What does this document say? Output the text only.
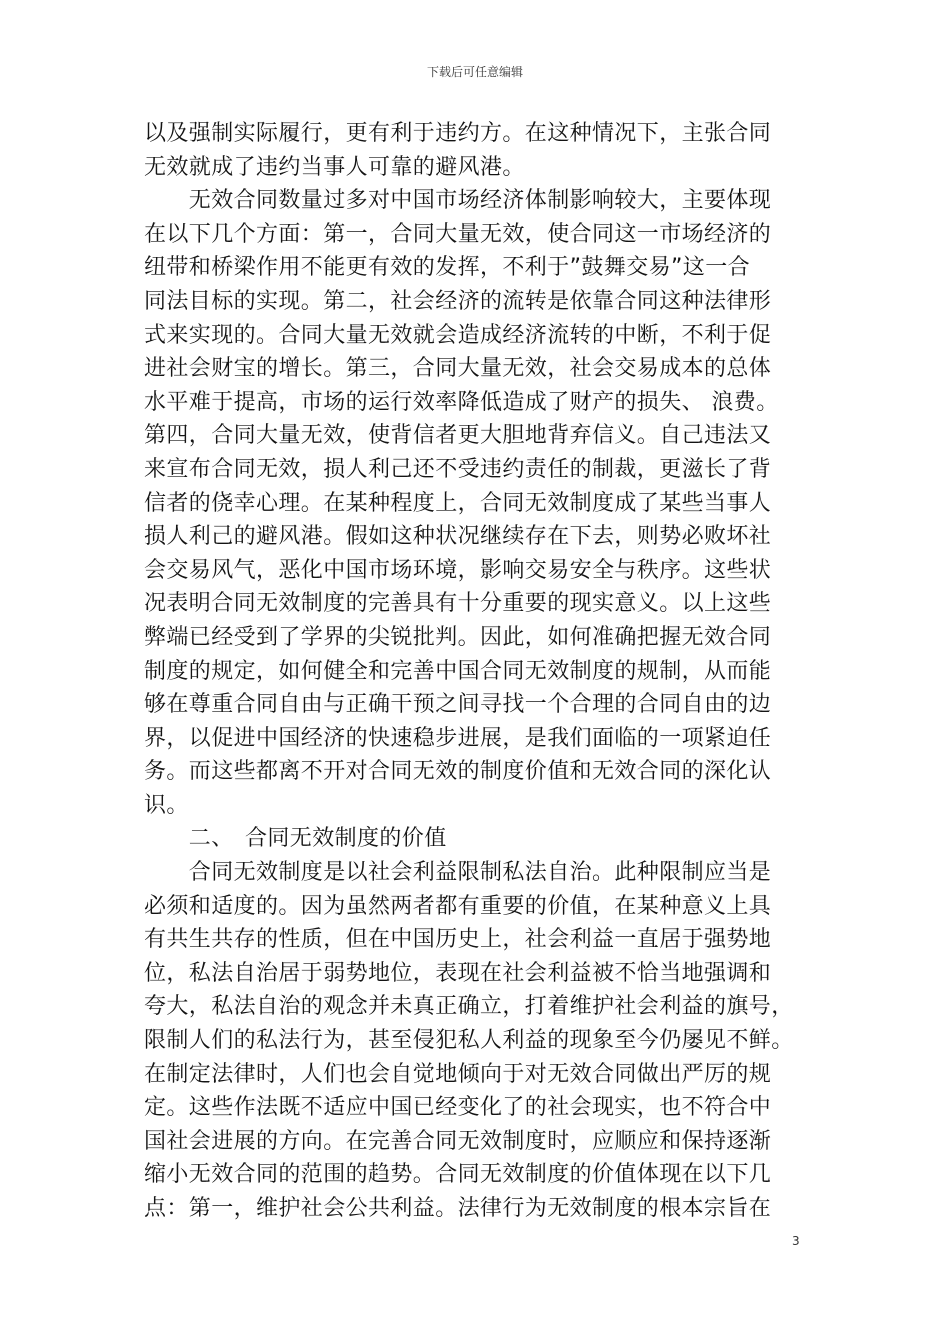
下载后可任意编辑
以及强制实际履行，更有利于违约方。在这种情况下，主张合同
无效就成了违约当事人可靠的避风港。
　　无效合同数量过多对中国市场经济体制影响较大，主要体现
在以下几个方面：第一，合同大量无效，使合同这一市场经济的
纽带和桥梁作用不能更有效的发挥，不利于”鼓舞交易”这一合
同法目标的实现。第二，社会经济的流转是依靠合同这种法律形
式来实现的。合同大量无效就会造成经济流转的中断，不利于促
进社会财宝的增长。第三，合同大量无效，社会交易成本的总体
水平难于提高，市场的运行效率降低造成了财产的损失、 浪费。
第四，合同大量无效，使背信者更大胆地背弃信义。自己违法又
来宣布合同无效，损人利己还不受违约责任的制裁，更滋长了背
信者的侥幸心理。在某种程度上，合同无效制度成了某些当事人
损人利己的避风港。假如这种状况继续存在下去，则势必败坏社
会交易风气，恶化中国市场环境，影响交易安全与秩序。这些状
况表明合同无效制度的完善具有十分重要的现实意义。以上这些
弊端已经受到了学界的尖锐批判。因此，如何准确把握无效合同
制度的规定，如何健全和完善中国合同无效制度的规制，从而能
够在尊重合同自由与正确干预之间寻找一个合理的合同自由的边
界，以促进中国经济的快速稳步进展，是我们面临的一项紧迫任
务。而这些都离不开对合同无效的制度价值和无效合同的深化认
识。
　　二、　合同无效制度的价值
　　合同无效制度是以社会利益限制私法自治。此种限制应当是
必须和适度的。因为虽然两者都有重要的价值，在某种意义上具
有共生共存的性质，但在中国历史上，社会利益一直居于强势地
位，私法自治居于弱势地位，表现在社会利益被不恰当地强调和
夸大，私法自治的观念并未真正确立，打着维护社会利益的旗号，
限制人们的私法行为，甚至侵犯私人利益的现象至今仍屡见不鲜。
在制定法律时，人们也会自觉地倾向于对无效合同做出严厉的规
定。这些作法既不适应中国已经变化了的社会现实，也不符合中
国社会进展的方向。在完善合同无效制度时，应顺应和保持逐渐
缩小无效合同的范围的趋势。合同无效制度的价值体现在以下几
点：第一，维护社会公共利益。法律行为无效制度的根本宗旨在
3
